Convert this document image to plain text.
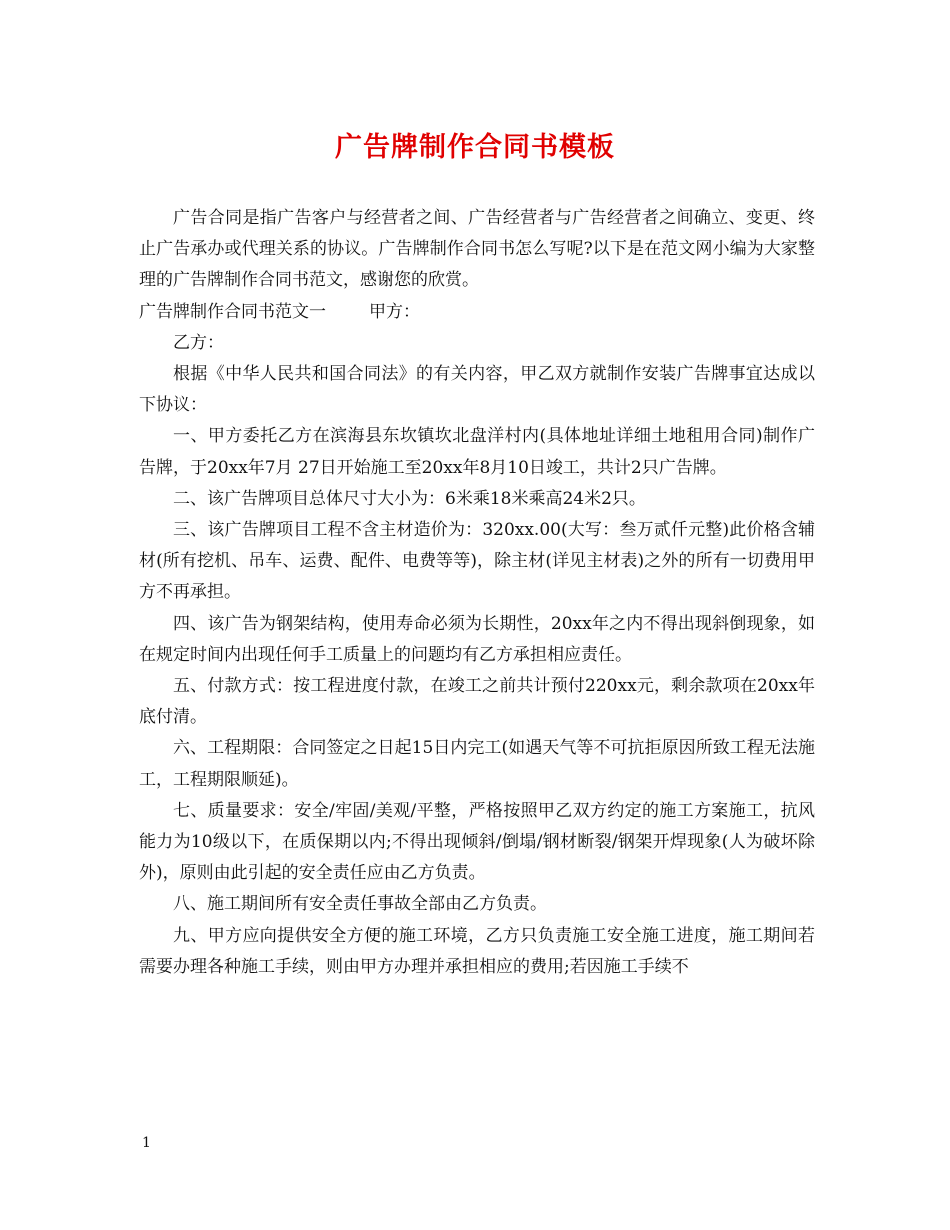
广告牌制作合同书模板

广告合同是指广告客户与经营者之间、广告经营者与广告经营者之间确立、变更、终止广告承办或代理关系的协议。广告牌制作合同书怎么写呢?以下是在范文网小编为大家整理的广告牌制作合同书范文，感谢您的欣赏。

广告牌制作合同书范文一	甲方：

乙方：

根据《中华人民共和国合同法》的有关内容，甲乙双方就制作安装广告牌事宜达成以下协议：

一、甲方委托乙方在滨海县东坎镇坎北盘洋村内(具体地址详细土地租用合同)制作广告牌，于20xx年7月 27日开始施工至20xx年8月10日竣工，共计2只广告牌。

二、该广告牌项目总体尺寸大小为：6米乘18米乘高24米2只。

三、该广告牌项目工程不含主材造价为：320xx.00(大写：叁万贰仟元整)此价格含辅材(所有挖机、吊车、运费、配件、电费等等)，除主材(详见主材表)之外的所有一切费用甲方不再承担。

四、该广告为钢架结构，使用寿命必须为长期性，20xx年之内不得出现斜倒现象，如在规定时间内出现任何手工质量上的问题均有乙方承担相应责任。

五、付款方式：按工程进度付款，在竣工之前共计预付220xx元，剩余款项在20xx年底付清。

六、工程期限：合同签定之日起15日内完工(如遇天气等不可抗拒原因所致工程无法施工，工程期限顺延)。

七、质量要求：安全/牢固/美观/平整，严格按照甲乙双方约定的施工方案施工，抗风能力为10级以下，在质保期以内;不得出现倾斜/倒塌/钢材断裂/钢架开焊现象(人为破坏除外)，原则由此引起的安全责任应由乙方负责。

八、施工期间所有安全责任事故全部由乙方负责。

九、甲方应向提供安全方便的施工环境，乙方只负责施工安全施工进度，施工期间若需要办理各种施工手续，则由甲方办理并承担相应的费用;若因施工手续不

1
